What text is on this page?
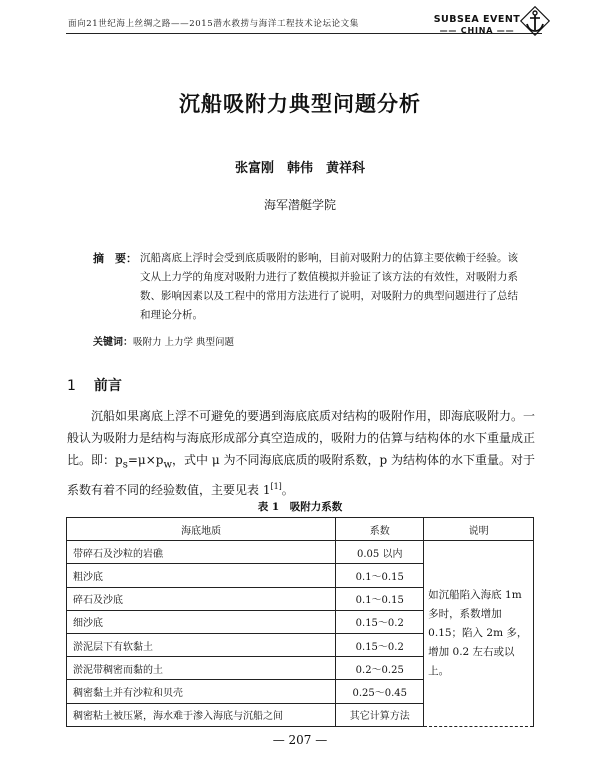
面向21世纪海上丝绸之路——2015潜水救捞与海洋工程技术论坛论文集	SUBSEA EVENT
—— CHINA ——
沉船吸附力典型问题分析
张富刚　韩伟　黄祥科
海军潜艇学院
摘　要： 沉船离底上浮时会受到底质吸附的影响，目前对吸附力的估算主要依赖于经验。该文从上力学的角度对吸附力进行了数值模拟并验证了该方法的有效性，对吸附力系数、影响因素以及工程中的常用方法进行了说明，对吸附力的典型问题进行了总结和理论分析。
关键词：吸附力 上力学 典型问题
1 前言
沉船如果离底上浮不可避免的要遇到海底底质对结构的吸附作用，即海底吸附力。一般认为吸附力是结构与海底形成部分真空造成的，吸附力的估算与结构体的水下重量成正比。即：$p_s=\mu\times p_w$，式中 μ 为不同海底底质的吸附系数，p 为结构体的水下重量。对于系数有着不同的经验数值，主要见表 1[1]。
表 1　吸附力系数
海底地质	系数	说明
带碎石及沙粒的岩礁	0.05 以内	如沉船陷入海底 1m 多时，系数增加 0.15；陷入 2m 多，增加 0.2 左右或以上。
粗沙底	0.1～0.15	
碎石及沙底	0.1～0.15	
细沙底	0.15～0.2	
淤泥层下有软黏土	0.15～0.2	
淤泥带稠密而黏的土	0.2～0.25	
稠密黏土并有沙粒和贝壳	0.25～0.45	
稠密粘土被压紧，海水难于渗入海底与沉船之间	其它计算方法	
— 207 —
